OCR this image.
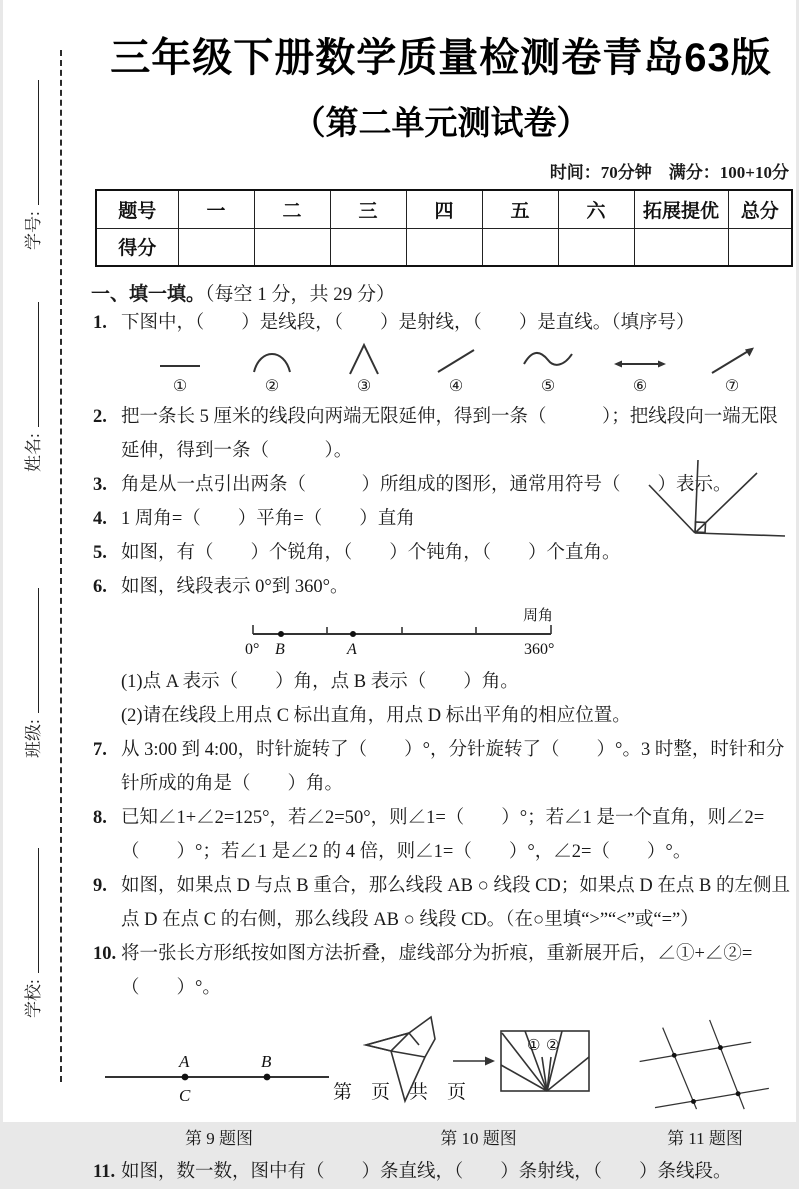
学号:
姓名:
班级:
学校:
三年级下册数学质量检测卷青岛63版
（第二单元测试卷）
时间：70分钟　满分：100+10分
题号	一	二	三	四	五	六	拓展提优	总分
得分								
一、填一填。（每空 1 分，共 29 分）
1. 下图中，（　　）是线段，（　　）是射线，（　　）是直线。（填序号）
①	②	③	④	⑤	⑥	⑦
2. 把一条长 5 厘米的线段向两端无限延伸，得到一条（　　　）；把线段向一端无限延伸，得到一条（　　　）。
3. 角是从一点引出两条（　　　）所组成的图形，通常用符号（　　）表示。
4. 1 周角=（　　）平角=（　　）直角
5. 如图，有（　　）个锐角，（　　）个钝角，（　　）个直角。
6. 如图，线段表示 0°到 360°。
0° B	A	360°
周角
(1)点 A 表示（　　）角，点 B 表示（　　）角。
(2)请在线段上用点 C 标出直角，用点 D 标出平角的相应位置。
7. 从 3:00 到 4:00，时针旋转了（　　）°，分针旋转了（　　）°。3 时整，时针和分针所成的角是（　　）角。
8. 已知∠1+∠2=125°，若∠2=50°，则∠1=（　　）°；若∠1 是一个直角，则∠2=（　　）°；若∠1 是∠2 的 4 倍，则∠1=（　　）°，∠2=（　　）°。
9. 如图，如果点 D 与点 B 重合，那么线段 AB ○ 线段 CD；如果点 D 在点 B 的左侧且点 D 在点 C 的右侧，那么线段 AB ○ 线段 CD。（在○里填“>”“<”或“=”）
10. 将一张长方形纸按如图方法折叠，虚线部分为折痕，重新展开后，∠①+∠②=（　　）°。
A
C
B
第 9 题图
① ②
第 10 题图	第 11 题图
11. 如图，数一数，图中有（　　）条直线，（　　）条射线，（　　）条线段。
第　页　共　页
